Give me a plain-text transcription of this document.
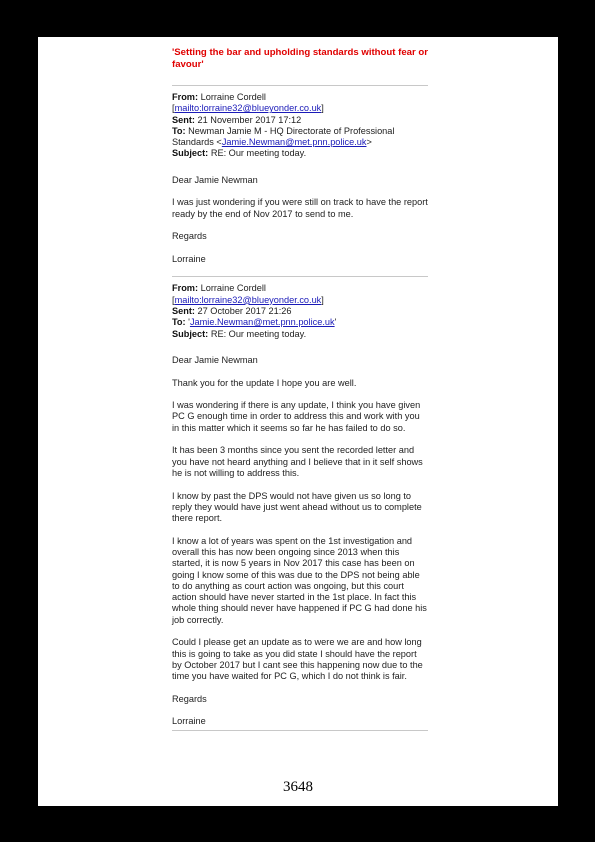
'Setting the bar and upholding standards without fear or favour'
From: Lorraine Cordell
[mailto:lorraine32@blueyonder.co.uk]
Sent: 21 November 2017 17:12
To: Newman Jamie M - HQ Directorate of Professional Standards <Jamie.Newman@met.pnn.police.uk>
Subject: RE: Our meeting today.

Dear Jamie Newman

I was just wondering if you were still on track to have the report ready by the end of Nov 2017 to send to me.

Regards

Lorraine

From: Lorraine Cordell
[mailto:lorraine32@blueyonder.co.uk]
Sent: 27 October 2017 21:26
To: 'Jamie.Newman@met.pnn.police.uk'
Subject: RE: Our meeting today.

Dear Jamie Newman

Thank you for the update I hope you are well.

I was wondering if there is any update, I think you have given PC G enough time in order to address this and work with you in this matter which it seems so far he has failed to do so.

It has been 3 months since you sent the recorded letter and you have not heard anything and I believe that in it self shows he is not willing to address this.

I know by past the DPS would not have given us so long to reply they would have just went ahead without us to complete there report.

I know a lot of years was spent on the 1st investigation and overall this has now been ongoing since 2013 when this started, it is now 5 years in Nov 2017 this case has been on going I know some of this was due to the DPS not being able to do anything as court action was ongoing, but this court action should have never started in the 1st place. In fact this whole thing should never have happened if PC G had done his job correctly.

Could I please get an update as to were we are and how long this is going to take as you did state I should have the report by October 2017 but I cant see this happening now due to the time you have waited for PC G, which I do not think is fair.

Regards

Lorraine

3648
